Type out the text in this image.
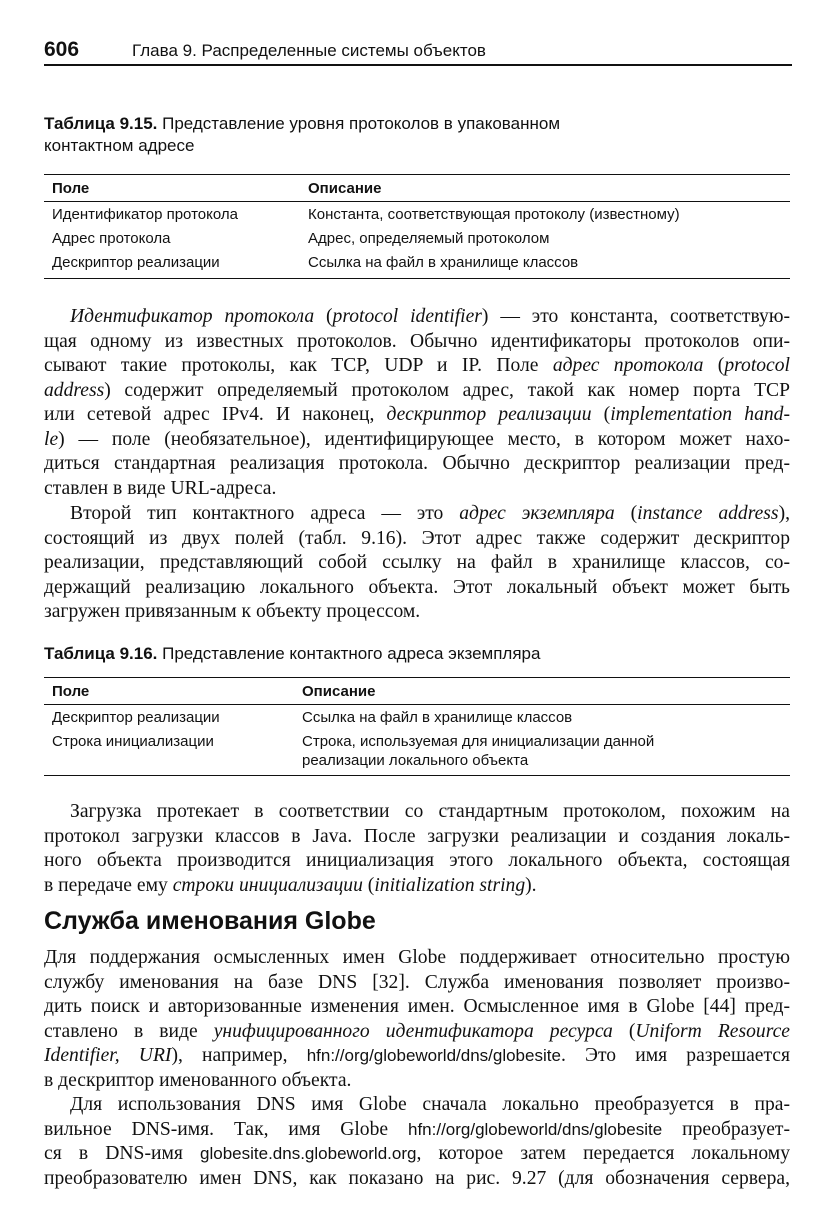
606	Глава 9. Распределенные системы объектов
Таблица 9.15. Представление уровня протоколов в упакованном
контактном адресе
Поле	Описание
Идентификатор протокола	Константа, соответствующая протоколу (известному)
Адрес протокола	Адрес, определяемый протоколом
Дескриптор реализации	Ссылка на файл в хранилище классов
Идентификатор протокола (protocol identifier) — это константа, соответствую-
щая одному из известных протоколов. Обычно идентификаторы протоколов опи-
сывают такие протоколы, как TCP, UDP и IP. Поле адрес протокола (protocol
address) содержит определяемый протоколом адрес, такой как номер порта TCP
или сетевой адрес IPv4. И наконец, дескриптор реализации (implementation hand-
le) — поле (необязательное), идентифицирующее место, в котором может нахо-
диться стандартная реализация протокола. Обычно дескриптор реализации пред-
ставлен в виде URL-адреса.
Второй тип контактного адреса — это адрес экземпляра (instance address),
состоящий из двух полей (табл. 9.16). Этот адрес также содержит дескриптор
реализации, представляющий собой ссылку на файл в хранилище классов, со-
держащий реализацию локального объекта. Этот локальный объект может быть
загружен привязанным к объекту процессом.
Таблица 9.16. Представление контактного адреса экземпляра
Поле	Описание
Дескриптор реализации	Ссылка на файл в хранилище классов
Строка инициализации	Строка, используемая для инициализации данной
реализации локального объекта
Загрузка протекает в соответствии со стандартным протоколом, похожим на
протокол загрузки классов в Java. После загрузки реализации и создания локаль-
ного объекта производится инициализация этого локального объекта, состоящая
в передаче ему строки инициализации (initialization string).
Служба именования Globe
Для поддержания осмысленных имен Globe поддерживает относительно простую
службу именования на базе DNS [32]. Служба именования позволяет произво-
дить поиск и авторизованные изменения имен. Осмысленное имя в Globe [44] пред-
ставлено в виде унифицированного идентификатора ресурса (Uniform Resource
Identifier, URI), например, hfn://org/globeworld/dns/globesite. Это имя разрешается
в дескриптор именованного объекта.
Для использования DNS имя Globe сначала локально преобразуется в пра-
вильное DNS-имя. Так, имя Globe hfn://org/globeworld/dns/globesite преобразует-
ся в DNS-имя globesite.dns.globeworld.org, которое затем передается локальному
преобразователю имен DNS, как показано на рис. 9.27 (для обозначения сервера,
